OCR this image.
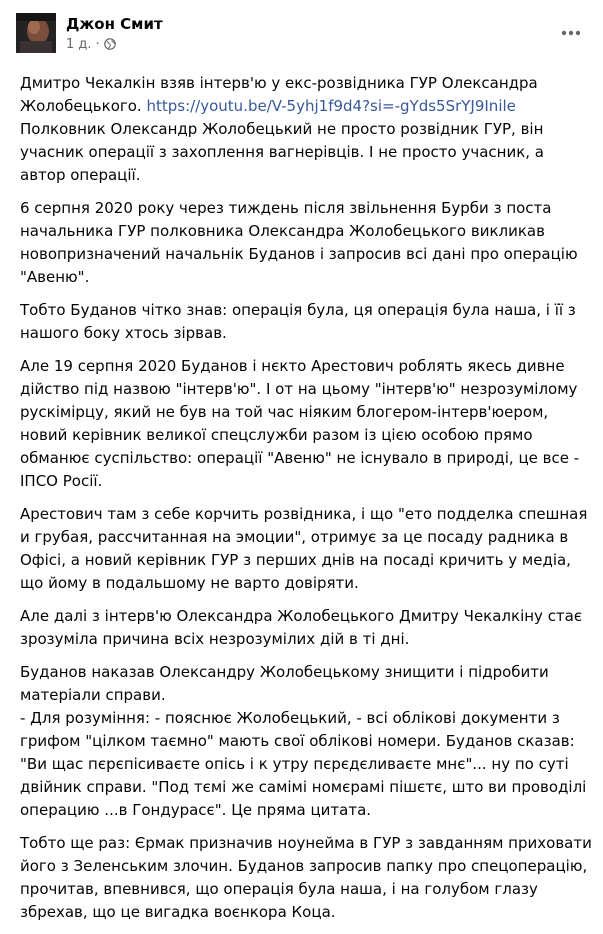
Джон Смит
1 д. ·

Дмитро Чекалкін взяв інтерв'ю у екс-розвідника ГУР Олександра Жолобецького. https://youtu.be/V-5yhj1f9d4?si=-gYds5SrYJ9Inile
Полковник Олександр Жолобецький не просто розвідник ГУР, він учасник операції з захоплення вагнерівців. І не просто учасник, а автор операції.

6 серпня 2020 року через тиждень після звільнення Бурби з поста начальника ГУР полковника Олександра Жолобецького викликав новопризначений начальнік Буданов і запросив всі дані про операцію "Авеню".

Тобто Буданов чітко знав: операція була, ця операція була наша, і її з нашого боку хтось зірвав.

Але 19 серпня 2020 Буданов і нєкто Арестович роблять якесь дивне дійство під назвою "інтерв'ю". І от на цьому "інтерв'ю" незрозумілому рускімірцу, який не був на той час ніяким блогером-інтерв'юером, новий керівник великої спецслужби разом із цією особою прямо обманює суспільство: операції "Авеню" не існувало в природі, це все - ІПСО Росії.

Арестович там з себе корчить розвідника, і що "ето подделка спешная и грубая, рассчитанная на эмоции", отримує за це посаду радника в Офісі, а новий керівник ГУР з перших днів на посаді кричить у медіа, що йому в подальшому не варто довіряти.

Але далі з інтерв'ю Олександра Жолобецького Дмитру Чекалкіну стає зрозуміла причина всіх незрозумілих дій в ті дні.

Буданов наказав Олександру Жолобецькому знищити і підробити матеріали справи.
- Для розуміння: - пояснює Жолобецький, - всі облікові документи з грифом "цілком таємно" мають свої облікові номери. Буданов сказав: "Ви щас пєрєпісиваєте опісь і к утру пєрєдєливаєте мнє"... ну по суті двійник справи. "Под тємі же самімі номєрамі пішєтє, што ви проводілі операцию ...в Гондурасє". Це пряма цитата.

Тобто ще раз: Єрмак призначив ноунейма в ГУР з завданням приховати його з Зеленським злочин. Буданов запросив папку про спецоперацію, прочитав, впевнився, що операція була наша, і на голубом глазу збрехав, що це вигадка воєнкора Коца.
